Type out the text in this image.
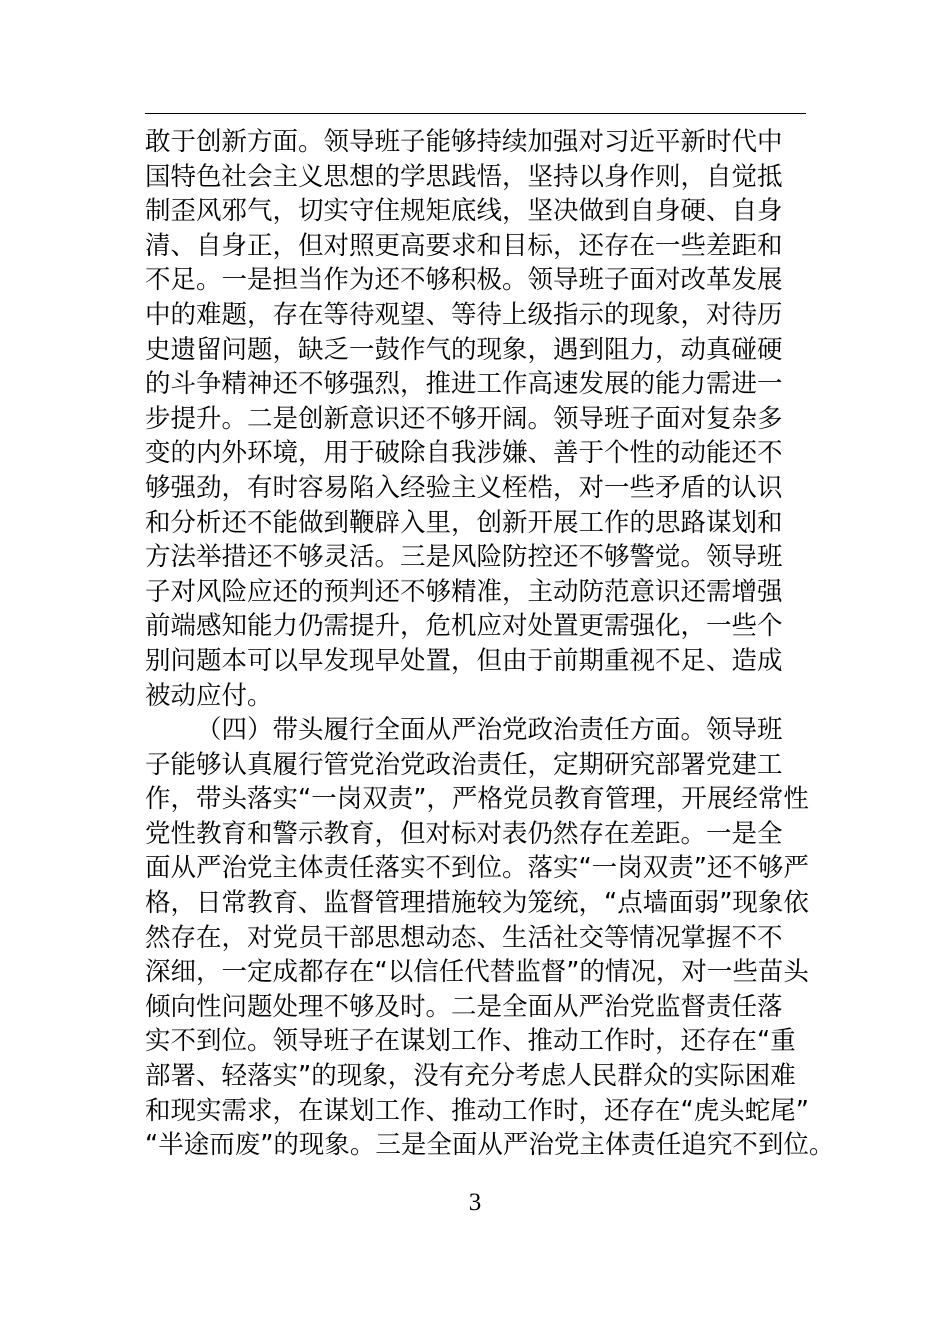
敢于创新方面。领导班子能够持续加强对习近平新时代中
国特色社会主义思想的学思践悟，坚持以身作则，自觉抵
制歪风邪气，切实守住规矩底线，坚决做到自身硬、自身
清、自身正，但对照更高要求和目标，还存在一些差距和
不足。一是担当作为还不够积极。领导班子面对改革发展
中的难题，存在等待观望、等待上级指示的现象，对待历
史遗留问题，缺乏一鼓作气的现象，遇到阻力，动真碰硬
的斗争精神还不够强烈，推进工作高速发展的能力需进一
步提升。二是创新意识还不够开阔。领导班子面对复杂多
变的内外环境，用于破除自我涉嫌、善于个性的动能还不
够强劲，有时容易陷入经验主义桎梏，对一些矛盾的认识
和分析还不能做到鞭辟入里，创新开展工作的思路谋划和
方法举措还不够灵活。三是风险防控还不够警觉。领导班
子对风险应还的预判还不够精准，主动防范意识还需增强
前端感知能力仍需提升，危机应对处置更需强化，一些个
别问题本可以早发现早处置，但由于前期重视不足、造成
被动应付。
（四）带头履行全面从严治党政治责任方面。领导班
子能够认真履行管党治党政治责任，定期研究部署党建工
作，带头落实“一岗双责”，严格党员教育管理，开展经常性
党性教育和警示教育，但对标对表仍然存在差距。一是全
面从严治党主体责任落实不到位。落实“一岗双责”还不够严
格，日常教育、监督管理措施较为笼统，“点墙面弱”现象依
然存在，对党员干部思想动态、生活社交等情况掌握不不
深细，一定成都存在“以信任代替监督”的情况，对一些苗头
倾向性问题处理不够及时。二是全面从严治党监督责任落
实不到位。领导班子在谋划工作、推动工作时，还存在“重
部署、轻落实”的现象，没有充分考虑人民群众的实际困难
和现实需求，在谋划工作、推动工作时，还存在“虎头蛇尾”
“半途而废”的现象。三是全面从严治党主体责任追究不到位。
3
